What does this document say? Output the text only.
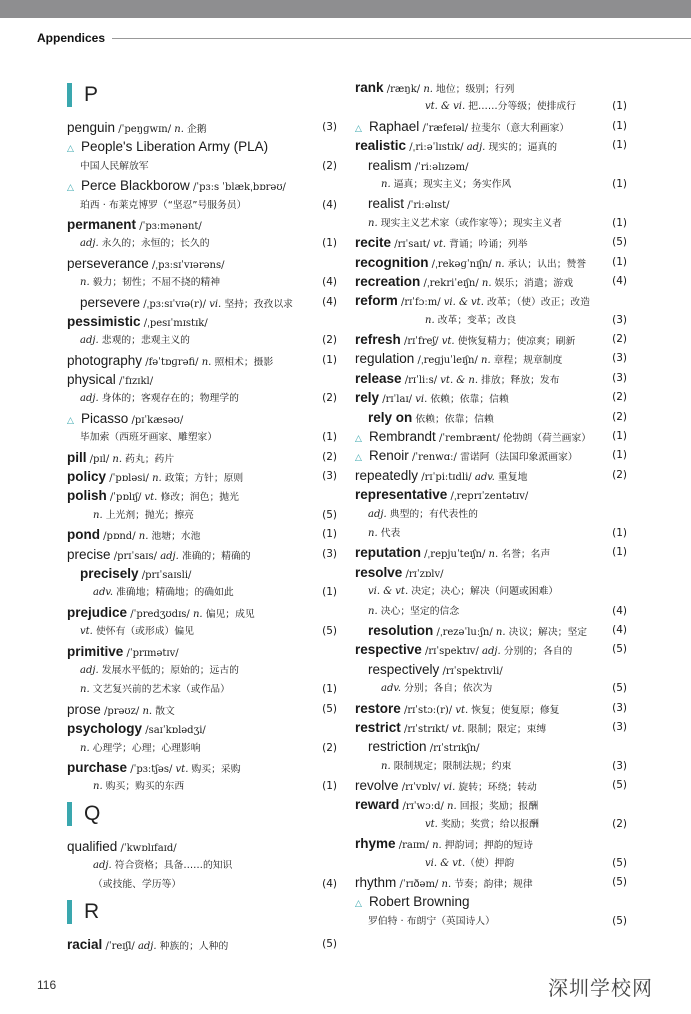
Appendices
P
penguin /ˈpeŋɡwɪn/ n. 企鹅	(3)
△ People's Liberation Army (PLA)
中国人民解放军	(2)
△ Perce Blackborow /ˈpɜːs ˈblækˌbɒrəʊ/
珀西 · 布莱克博罗（“坚忍”号服务员）	(4)
permanent /ˈpɜːmənənt/
adj. 永久的；永恒的；长久的	(1)
perseverance /ˌpɜːsɪˈvɪərəns/
n. 毅力；韧性；不屈不挠的精神	(4)
persevere /ˌpɜːsɪˈvɪə(r)/ vi. 坚持；孜孜以求	(4)
pessimistic /ˌpesɪˈmɪstɪk/
adj. 悲观的；悲观主义的	(2)
photography /fəˈtɒɡrəfi/ n. 照相术；摄影	(1)
physical /ˈfɪzɪkl/
adj. 身体的；客观存在的；物理学的	(2)
△ Picasso /pɪˈkæsəʊ/
毕加索（西班牙画家、雕塑家）	(1)
pill /pɪl/ n. 药丸；药片	(2)
policy /ˈpɒləsi/ n. 政策；方针；原则	(3)
polish /ˈpɒlɪʃ/ vt. 修改；润色；抛光
n. 上光剂；抛光；擦亮	(5)
pond /pɒnd/ n. 池塘；水池	(1)
precise /prɪˈsaɪs/ adj. 准确的；精确的	(3)
precisely /prɪˈsaɪsli/
adv. 准确地；精确地；的确如此	(1)
prejudice /ˈpredʒʊdɪs/ n. 偏见；成见
vt. 使怀有（或形成）偏见	(5)
primitive /ˈprɪmətɪv/
adj. 发展水平低的；原始的；远古的
n. 文艺复兴前的艺术家（或作品）	(1)
prose /prəʊz/ n. 散文	(5)
psychology /saɪˈkɒlədʒi/
n. 心理学；心理；心理影响	(2)
purchase /ˈpɜːtʃəs/ vt. 购买；采购
n. 购买；购买的东西	(1)
Q
qualified /ˈkwɒlɪfaɪd/
adj. 符合资格；具备……的知识
（或技能、学历等）	(4)
R
racial /ˈreɪʃl/ adj. 种族的；人种的	(5)
rank /ræŋk/ n. 地位；级别；行列
vt. & vi. 把……分等级；使排成行	(1)
△ Raphael /ˈræfeɪəl/ 拉斐尔（意大利画家）	(1)
realistic /ˌriːəˈlɪstɪk/ adj. 现实的；逼真的	(1)
realism /ˈriːəlɪzəm/
n. 逼真；现实主义；务实作风	(1)
realist /ˈriːəlɪst/
n. 现实主义艺术家（或作家等）；现实主义者	(1)
recite /rɪˈsaɪt/ vt. 背诵；吟诵；列举	(5)
recognition /ˌrekəɡˈnɪʃn/ n. 承认；认出；赞誉 (1)
recreation /ˌrekriˈeɪʃn/ n. 娱乐；消遣；游戏	(4)
reform /rɪˈfɔːm/ vi. & vt. 改革；（使）改正；改造
n. 改革；变革；改良	(3)
refresh /rɪˈfreʃ/ vt. 使恢复精力；使凉爽；刷新	(2)
regulation /ˌreɡjuˈleɪʃn/ n. 章程；规章制度	(3)
release /rɪˈliːs/ vt. & n. 排放；释放；发布	(3)
rely /rɪˈlaɪ/ vi. 依赖；依靠；信赖	(2)
rely on 依赖；依靠；信赖	(2)
△ Rembrandt /ˈrembrænt/ 伦勃朗（荷兰画家） (1)
△ Renoir /ˈrenwɑː/ 雷诺阿（法国印象派画家）	(1)
repeatedly /rɪˈpiːtɪdli/ adv. 重复地	(2)
representative /ˌreprɪˈzentətɪv/
adj. 典型的；有代表性的
n. 代表	(1)
reputation /ˌrepjuˈteɪʃn/ n. 名誉；名声	(1)
resolve /rɪˈzɒlv/
vi. & vt. 决定；决心；解决（问题或困难）
n. 决心；坚定的信念	(4)
resolution /ˌrezəˈluːʃn/ n. 决议；解决；坚定 (4)
respective /rɪˈspektɪv/ adj. 分别的；各自的	(5)
respectively /rɪˈspektɪvli/
adv. 分别；各自；依次为	(5)
restore /rɪˈstɔː(r)/ vt. 恢复；使复原；修复	(3)
restrict /rɪˈstrɪkt/ vt. 限制；限定；束缚	(3)
restriction /rɪˈstrɪkʃn/
n. 限制规定；限制法规；约束	(3)
revolve /rɪˈvɒlv/ vi. 旋转；环绕；转动	(5)
reward /rɪˈwɔːd/ n. 回报；奖励；报酬
vt. 奖励；奖赏；给以报酬	(2)
rhyme /raɪm/ n. 押韵词；押韵的短诗
vi. & vt.（使）押韵	(5)
rhythm /ˈrɪðəm/ n. 节奏；韵律；规律	(5)
△ Robert Browning
罗伯特 · 布朗宁（英国诗人）	(5)
116	深圳学校网
